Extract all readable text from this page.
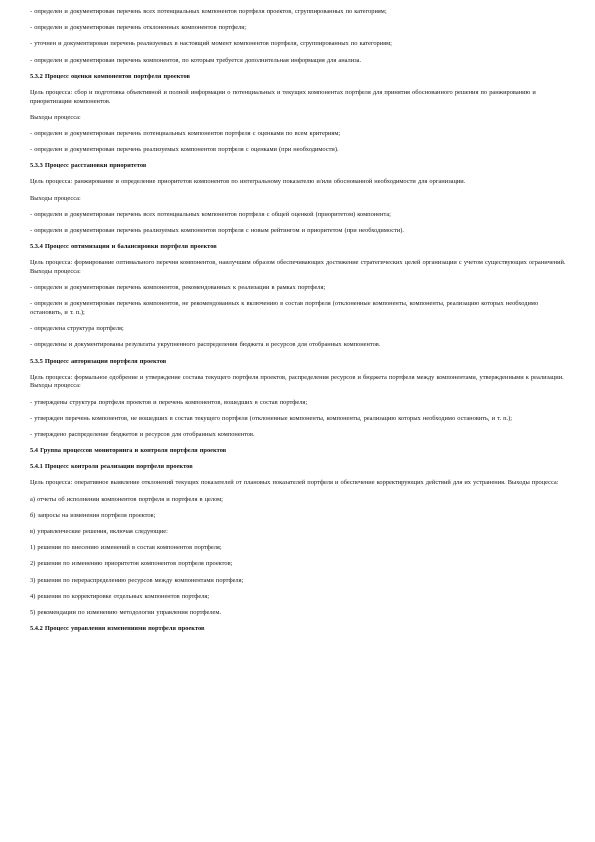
- определен и документирован перечень всех потенциальных компонентов портфеля проектов, сгруппированных по категориям;

- определен и документирован перечень отклоненных компонентов портфеля;

- уточнен и документирован перечень реализуемых в настоящий момент компонентов портфеля, сгруппированных по категориям;

- определен и документирован перечень компонентов, по которым требуется дополнительная информация для анализа.

5.3.2 Процесс оценки компонентов портфеля проектов

Цель процесса: сбор и подготовка объективной и полной информации о потенциальных и текущих компонентах портфеля для принятия обоснованного решения по ранжированию и приоритизации компонентов.

Выходы процесса:

- определен и документирован перечень потенциальных компонентов портфеля с оценками по всем критериям;

- определен и документирован перечень реализуемых компонентов портфеля с оценками (при необходимости).

5.3.3 Процесс расстановки приоритетов

Цель процесса: ранжирование и определение приоритетов компонентов по интегральному показателю и/или обоснованной необходимости для организации.

Выходы процесса:

- определен и документирован перечень всех потенциальных компонентов портфеля с общей оценкой (приоритетом) компонента;

- определен и документирован перечень реализуемых компонентов портфеля с новым рейтингом и приоритетом (при необходимости).

5.3.4 Процесс оптимизации и балансировки портфеля проектов

Цель процесса: формирование оптимального перечня компонентов, наилучшим образом обеспечивающих достижение стратегических целей организации с учетом существующих ограничений. Выходы процесса:

- определен и документирован перечень компонентов, рекомендованных к реализации в рамках портфеля;

- определен и документирован перечень компонентов, не рекомендованных к включению в состав портфеля (отклоненные компоненты, компоненты, реализацию которых необходимо остановить, и т. п.);

- определена структура портфеля;

- определены и документированы результаты укрупненного распределения бюджета и ресурсов для отобранных компонентов.

5.3.5 Процесс авторизации портфеля проектов

Цель процесса: формальное одобрение и утверждение состава текущего портфеля проектов, распределения ресурсов и бюджета портфеля между компонентами, утвержденными к реализации. Выходы процесса:

- утверждены структура портфеля проектов и перечень компонентов, вошедших в состав портфеля;

- утвержден перечень компонентов, не вошедших в состав текущего портфеля (отклоненные компоненты, компоненты, реализацию которых необходимо остановить, и т. п.);

- утверждено распределение бюджетов и ресурсов для отобранных компонентов.

5.4 Группа процессов мониторинга и контроля портфеля проектов

5.4.1 Процесс контроля реализации портфеля проектов

Цель процесса: оперативное выявление отклонений текущих показателей от плановых показателей портфеля и обеспечение корректирующих действий для их устранения. Выходы процесса:

а) отчеты об исполнении компонентов портфеля и портфеля в целом;

б) запросы на изменения портфеля проектов;

в) управленческие решения, включая следующие:

1) решения по внесению изменений в состав компонентов портфеля;

2) решения по изменению приоритетов компонентов портфеля проектов;

3) решения по перераспределению ресурсов между компонентами портфеля;

4) решения по корректировке отдельных компонентов портфеля;

5) рекомендации по изменению методологии управления портфелем.

5.4.2 Процесс управления изменениями портфеля проектов
